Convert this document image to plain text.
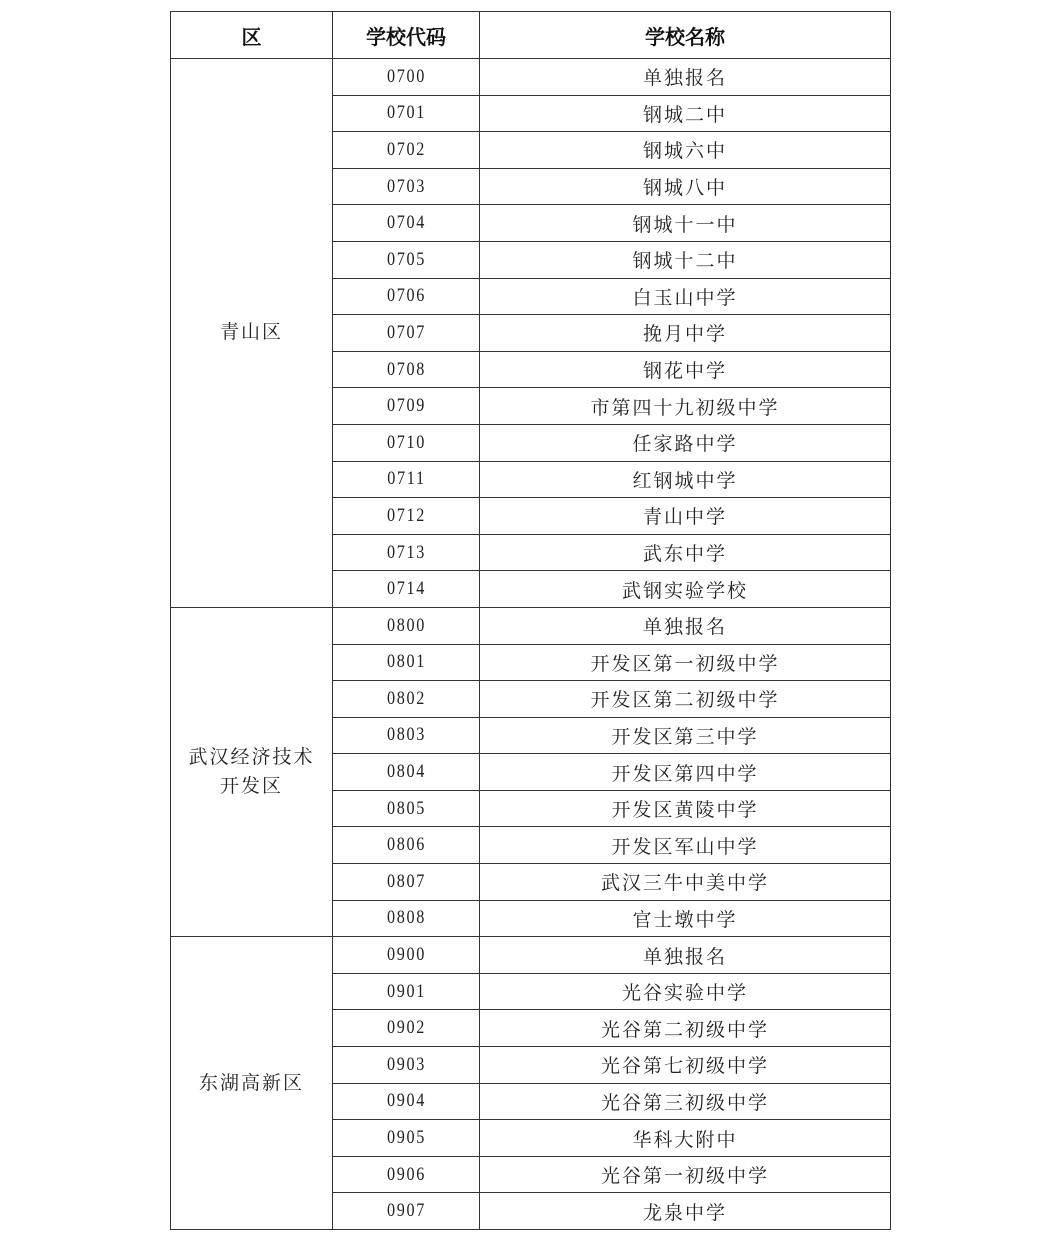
区	学校代码	学校名称
青山区	0700	单独报名
	0701	钢城二中
	0702	钢城六中
	0703	钢城八中
	0704	钢城十一中
	0705	钢城十二中
	0706	白玉山中学
	0707	挽月中学
	0708	钢花中学
	0709	市第四十九初级中学
	0710	任家路中学
	0711	红钢城中学
	0712	青山中学
	0713	武东中学
	0714	武钢实验学校

武汉经济技术
开发区	0800	单独报名
	0801	开发区第一初级中学
	0802	开发区第二初级中学
	0803	开发区第三中学
	0804	开发区第四中学
	0805	开发区黄陵中学
	0806	开发区军山中学
	0807	武汉三牛中美中学
	0808	官士墩中学
东湖高新区	0900	单独报名
	0901	光谷实验中学
	0902	光谷第二初级中学
	0903	光谷第七初级中学
	0904	光谷第三初级中学
	0905	华科大附中
	0906	光谷第一初级中学
	0907	龙泉中学
